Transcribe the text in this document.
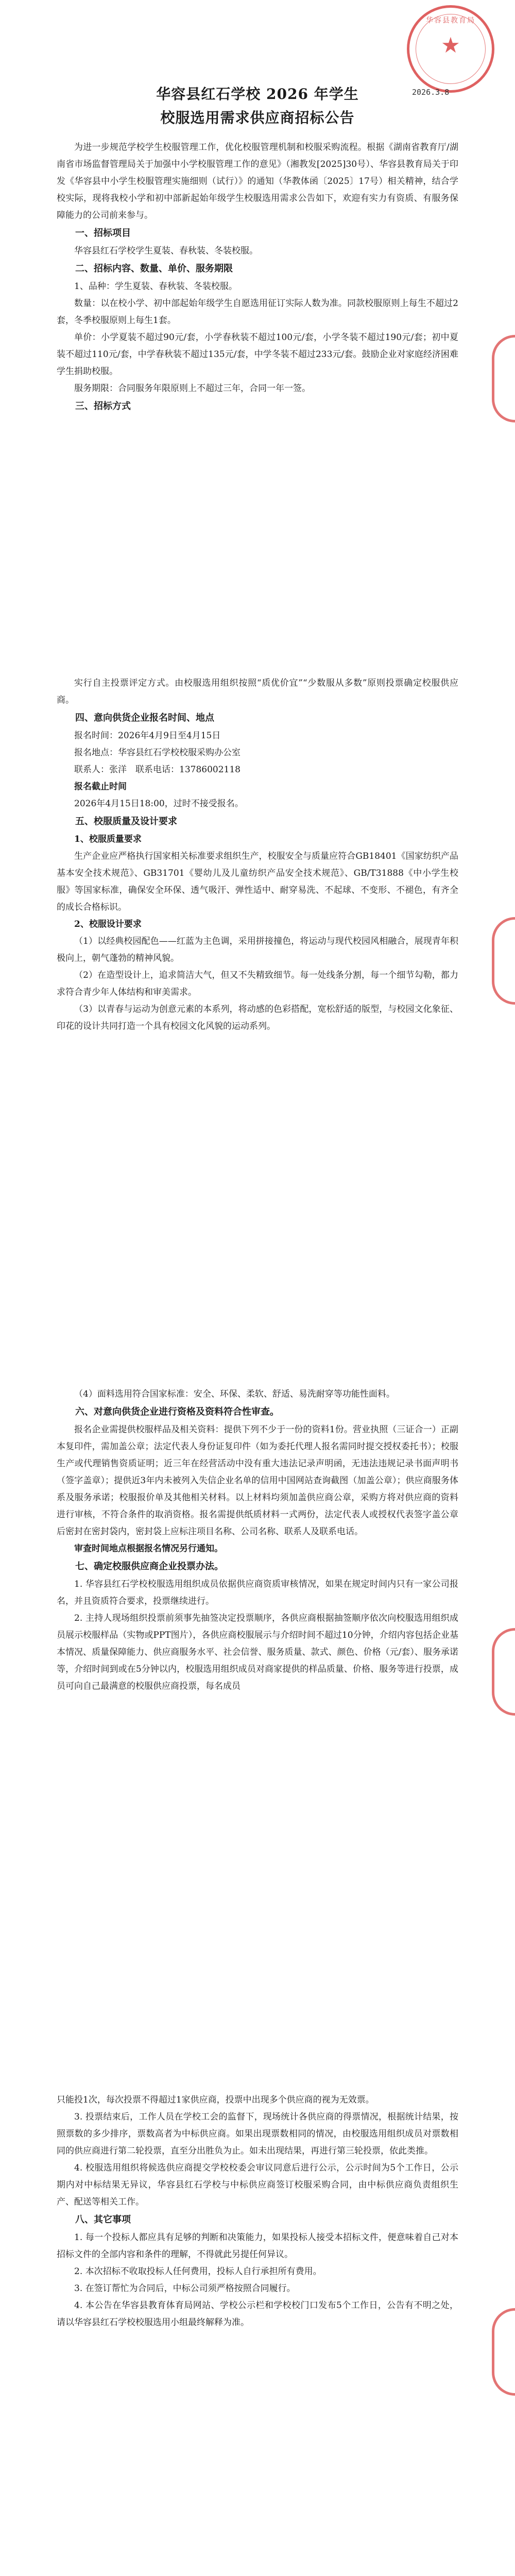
华容县教育局
★
2026.3.8
华容县红石学校 2026 年学生
校服选用需求供应商招标公告

为进一步规范学校学生校服管理工作，优化校服管理机制和校服采购流程。根据《湖南省教育厅/湖南省市场监督管理局关于加强中小学校服管理工作的意见》（湘教发[2025]30号）、华容县教育局关于印发《华容县中小学生校服管理实施细则（试行）》的通知（华教体函〔2025〕17号）相关精神，结合学校实际，现将我校小学和初中部新起始年级学生校服选用需求公告如下，欢迎有实力有资质、有服务保障能力的公司前来参与。

一、招标项目

华容县红石学校学生夏装、春秋装、冬装校服。

二、招标内容、数量、单价、服务期限

1、品种：学生夏装、春秋装、冬装校服。

数量：以在校小学、初中部起始年级学生自愿选用征订实际人数为准。同款校服原则上每生不超过2套，冬季校服原则上每生1套。

单价：小学夏装不超过90元/套，小学春秋装不超过100元/套，小学冬装不超过190元/套；初中夏装不超过110元/套，中学春秋装不超过135元/套，中学冬装不超过233元/套。鼓励企业对家庭经济困难学生捐助校服。

服务期限：合同服务年限原则上不超过三年，合同一年一签。

三、招标方式

实行自主投票评定方式。由校服选用组织按照“质优价宜”“少数服从多数”原则投票确定校服供应商。

四、意向供货企业报名时间、地点

报名时间：2026年4月9日至4月15日

报名地点：华容县红石学校校服采购办公室

联系人：张洋　联系电话：13786002118

报名截止时间

2026年4月15日18:00，过时不接受报名。

五、校服质量及设计要求

1、校服质量要求

生产企业应严格执行国家相关标准要求组织生产，校服安全与质量应符合GB18401《国家纺织产品基本安全技术规范》、GB31701《婴幼儿及儿童纺织产品安全技术规范》、GB/T31888《中小学生校服》等国家标准，确保安全环保、透气吸汗、弹性适中、耐穿易洗、不起球、不变形、不褪色，有齐全的成长合格标识。

2、校服设计要求

（1）以经典校园配色——红蓝为主色调，采用拼接撞色，将运动与现代校园风相融合，展现青年积极向上，朝气蓬勃的精神风貌。

（2）在造型设计上，追求简洁大气，但又不失精致细节。每一处线条分割，每一个细节勾勒，都力求符合青少年人体结构和审美需求。

（3）以青春与运动为创意元素的本系列，将动感的色彩搭配，宽松舒适的版型，与校园文化象征、印花的设计共同打造一个具有校园文化风貌的运动系列。

（4）面料选用符合国家标准：安全、环保、柔软、舒适、易洗耐穿等功能性面料。

六、对意向供货企业进行资格及资料符合性审查。

报名企业需提供校服样品及相关资料：提供下列不少于一份的资料1份。营业执照（三证合一）正副本复印件，需加盖公章；法定代表人身份证复印件（如为委托代理人报名需同时提交授权委托书）；校服生产或代理销售资质证明；近三年在经营活动中没有重大违法记录声明函，无违法违规记录书面声明书（签字盖章）；提供近3年内未被列入失信企业名单的信用中国网站查询截图（加盖公章）；供应商服务体系及服务承诺；校服报价单及其他相关材料。以上材料均须加盖供应商公章，采购方将对供应商的资料进行审核，不符合条件的取消资格。报名需提供纸质材料一式两份，法定代表人或授权代表签字盖公章后密封在密封袋内，密封袋上应标注项目名称、公司名称、联系人及联系电话。

审查时间地点根据报名情况另行通知。

七、确定校服供应商企业投票办法。

1. 华容县红石学校校服选用组织成员依据供应商资质审核情况，如果在规定时间内只有一家公司报名，并且资质符合要求，投票继续进行。

2. 主持人现场组织投票前须事先抽签决定投票顺序，各供应商根据抽签顺序依次向校服选用组织成员展示校服样品（实物或PPT图片），各供应商校服展示与介绍时间不超过10分钟，介绍内容包括企业基本情况、质量保障能力、供应商服务水平、社会信誉、服务质量、款式、颜色、价格（元/套）、服务承诺等，介绍时间到或在5分钟以内，校服选用组织成员对商家提供的样品质量、价格、服务等进行投票，成员可向自己最满意的校服供应商投票，每名成员

只能投1次，每次投票不得超过1家供应商，投票中出现多个供应商的视为无效票。

3. 投票结束后，工作人员在学校工会的监督下，现场统计各供应商的得票情况，根据统计结果，按照票数的多少排序，票数高者为中标供应商。如果出现票数相同的情况，由校服选用组织成员对票数相同的供应商进行第二轮投票，直至分出胜负为止。如未出现结果，再进行第三轮投票，依此类推。

4. 校服选用组织将候选供应商提交学校校委会审议同意后进行公示，公示时间为5个工作日，公示期内对中标结果无异议，华容县红石学校与中标供应商签订校服采购合同，由中标供应商负责组织生产、配送等相关工作。

八、其它事项

1. 每一个投标人都应具有足够的判断和决策能力，如果投标人接受本招标文件，便意味着自己对本招标文件的全部内容和条件的理解，不得就此另提任何异议。

2. 本次招标不收取投标人任何费用，投标人自行承担所有费用。

3. 在签订帮忙为合同后，中标公司须严格按照合同履行。

4. 本公告在华容县教育体育局网站、学校公示栏和学校校门口发布5个工作日，公告有不明之处，请以华容县红石学校校服选用小组最终解释为准。
